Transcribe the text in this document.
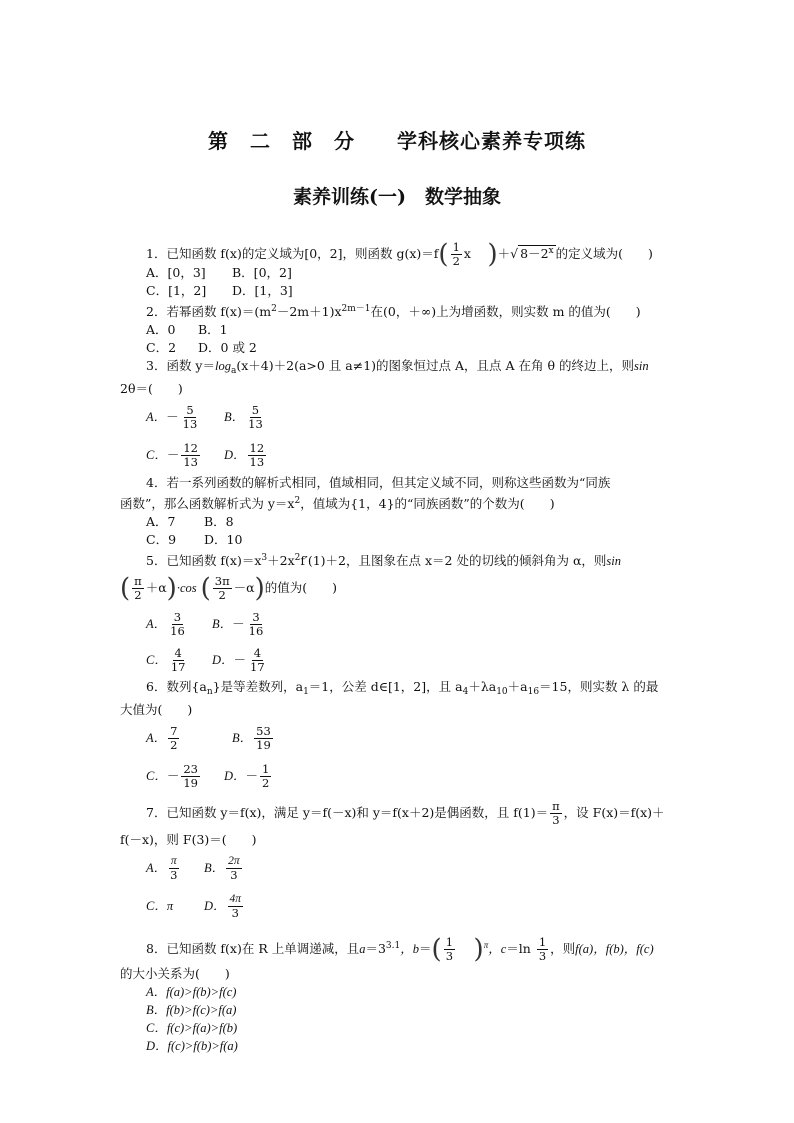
第　二　部　分　　学科核心素养专项练
素养训练(一)　数学抽象
1．已知函数 f(x)的定义域为[0，2]，则函数 $g(x)=f( \frac{1}{2}$ x  )＋√ $8-2^x$ 的定义域为(　　)
A．[0，3] B．[0，2]
C．[1，2] D．[1，3]
2．若幂函数 $f(x)=(m^2-2m+1)x^{2m-1}$在(0，＋∞)上为增函数，则实数 m 的值为(　　)
A．0 B．1
C．2 D．0 或 2
3．函数 $y=\log_a(x+4)+2(a>0$ 且 a≠1)的图象恒过点 A，且点 A 在角 θ 的终边上，则sin
2θ＝(　　)
A．－ $\frac{5}{13}$ B． $\frac{5}{13}$
C．－ $\frac{12}{13}$ D． $\frac{12}{13}$
4．若一系列函数的解析式相同，值域相同，但其定义域不同，则称这些函数为“同族
函数”，那么函数解析式为 $y=x^2$，值域为{1，4}的“同族函数”的个数为(　　)
A．7 B．8
C．9 D．10
5．已知函数 $f(x)=x^3+2x^2f'(1)+2$，且图象在点 x＝2 处的切线的倾斜角为 α，则sin
( $\frac{\pi}{2} +\alpha)\cdot\cos$ ( $\frac{3\pi}{2} -\alpha$)的值为(　　)
A． $\frac{3}{16}$ B．－ $\frac{3}{16}$
C． $\frac{4}{17}$ D．－ $\frac{4}{17}$
6．数列$\{a_n\}$是等差数列，$a_1=1$，公差 d∈[1，2]，且 $a_4+\lambda a_{10}+a_{16}=15$，则实数 λ 的最
大值为(　　)
A． $\frac{7}{2}$	B． $\frac{53}{19}$
C．－ $\frac{23}{19}$ D．－ $\frac{1}{2}$
7．已知函数 y＝f(x)，满足 y＝f(－x)和 y＝f(x＋2)是偶函数，且 $f(1)= \frac{\pi}{3}$ ，设 F(x)＝f(x)＋
f(－x)，则 F(3)＝(　　)
A． $\frac{\pi}{3}$ B． $\frac{2\pi}{3}$
C．π D． $\frac{4\pi}{3}$
8．已知函数 f(x)在 R 上单调递减，且$a=3^{3.1}$，$b=( \frac{1}{3} )^\pi$，$c=\ln \frac{1}{3}$ ，则f(a)，f(b)，f(c)
的大小关系为(　　)
A．f(a)>f(b)>f(c)
B．f(b)>f(c)>f(a)
C．f(c)>f(a)>f(b)
D．f(c)>f(b)>f(a)
